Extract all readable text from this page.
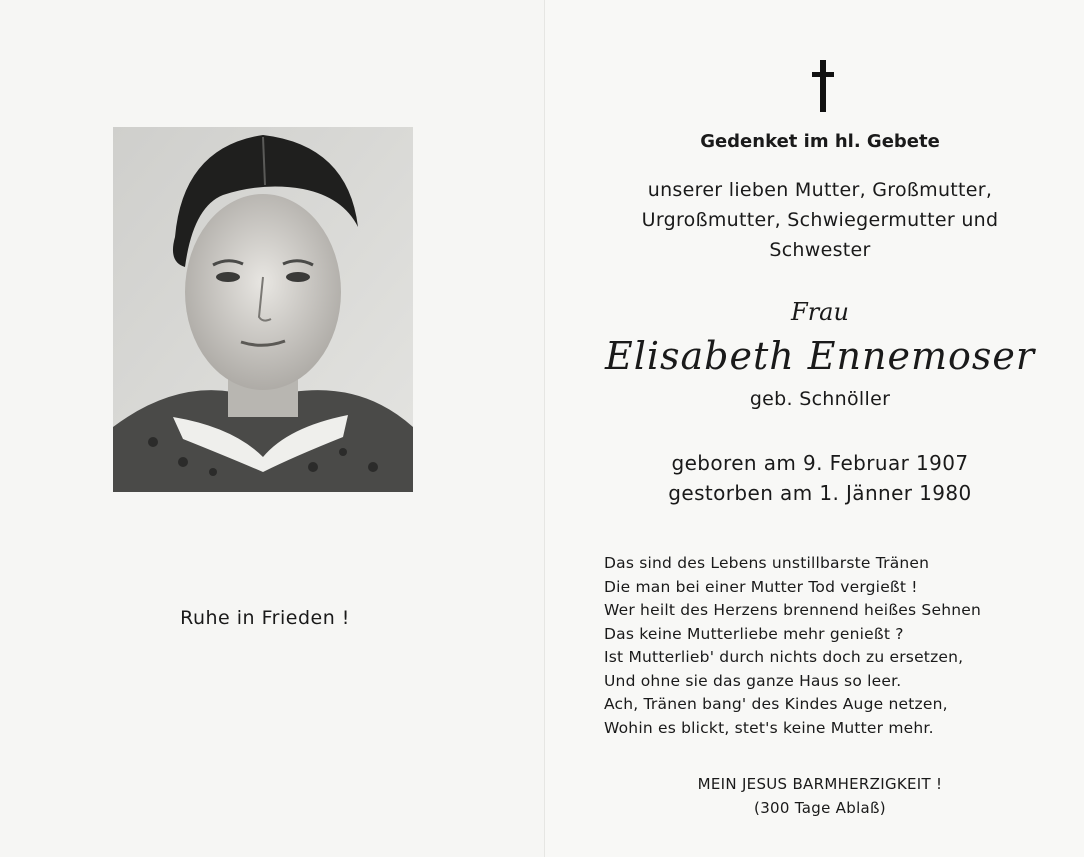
Ruhe in Frieden !
Gedenket im hl. Gebete
unserer lieben Mutter, Großmutter,
Urgroßmutter, Schwiegermutter und
Schwester
Frau
Elisabeth Ennemoser
geb. Schnöller
geboren am 9. Februar 1907
gestorben am 1. Jänner 1980
Das sind des Lebens unstillbarste Tränen
Die man bei einer Mutter Tod vergießt !
Wer heilt des Herzens brennend heißes Sehnen
Das keine Mutterliebe mehr genießt ?
Ist Mutterlieb' durch nichts doch zu ersetzen,
Und ohne sie das ganze Haus so leer.
Ach, Tränen bang' des Kindes Auge netzen,
Wohin es blickt, stet's keine Mutter mehr.
MEIN JESUS BARMHERZIGKEIT !
(300 Tage Ablaß)
